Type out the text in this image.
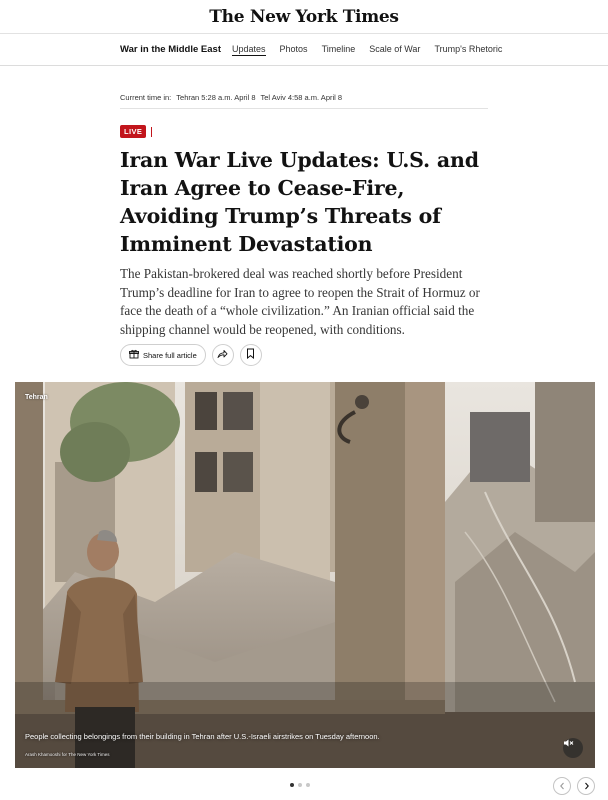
The New York Times
War in the Middle East Updates Photos Timeline Scale of War Trump's Rhetoric
Current time in: Tehran 5:28 a.m. April 8 Tel Aviv 4:58 a.m. April 8
LIVE
Iran War Live Updates: U.S. and Iran Agree to Cease-Fire, Avoiding Trump’s Threats of Imminent Devastation

The Pakistan-brokered deal was reached shortly before President Trump’s deadline for Iran to agree to reopen the Strait of Hormuz or face the death of a “whole civilization.” An Iranian official said the shipping channel would be reopened, with conditions.

Share full article
Tehran
People collecting belongings from their building in Tehran after U.S.-Israeli airstrikes on Tuesday afternoon.
Arash Khamooshi for The New York Times
